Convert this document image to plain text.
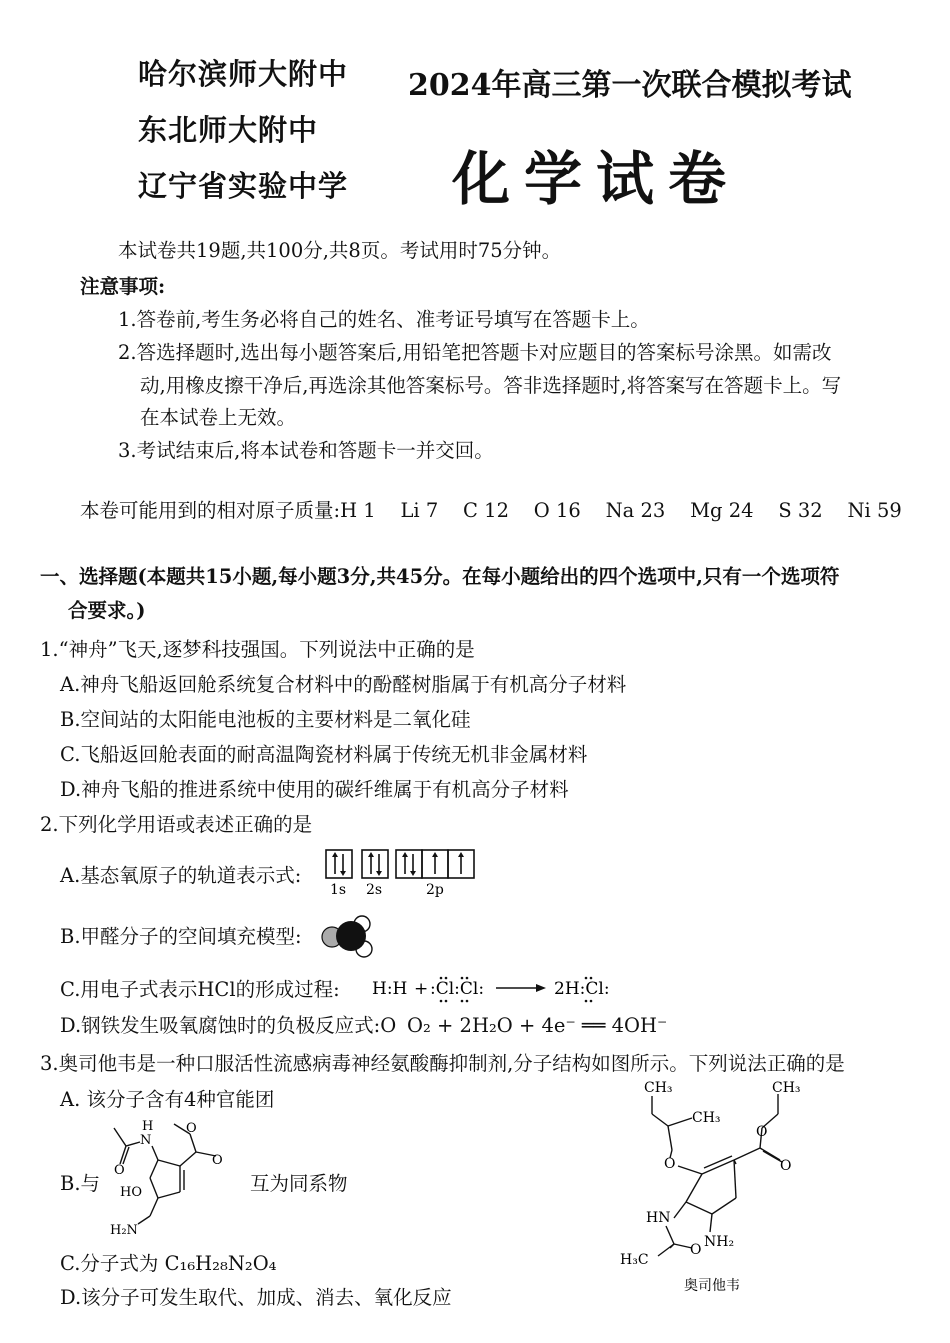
哈尔滨师大附中
东北师大附中
辽宁省实验中学
2024年高三第一次联合模拟考试
化学试卷
本试卷共19题,共100分,共8页。考试用时75分钟。
注意事项:
1.答卷前,考生务必将自己的姓名、准考证号填写在答题卡上。
2.答选择题时,选出每小题答案后,用铅笔把答题卡对应题目的答案标号涂黑。如需改
动,用橡皮擦干净后,再选涂其他答案标号。答非选择题时,将答案写在答题卡上。写
在本试卷上无效。
3.考试结束后,将本试卷和答题卡一并交回。
本卷可能用到的相对原子质量:H 1    Li 7    C 12    O 16    Na 23    Mg 24    S 32    Ni 59
一、选择题(本题共15小题,每小题3分,共45分。在每小题给出的四个选项中,只有一个选项符
合要求。)
1.“神舟”飞天,逐梦科技强国。下列说法中正确的是
A.神舟飞船返回舱系统复合材料中的酚醛树脂属于有机高分子材料
B.空间站的太阳能电池板的主要材料是二氧化硅
C.飞船返回舱表面的耐高温陶瓷材料属于传统无机非金属材料
D.神舟飞船的推进系统中使用的碳纤维属于有机高分子材料
2.下列化学用语或表述正确的是
A.基态氧原子的轨道表示式:
1s 2s	2p
B.甲醛分子的空间填充模型:
C.用电子式表示HCl的形成过程: H:H + :Cl:Cl:	2H:Cl:
D.钢铁发生吸氧腐蚀时的负极反应式:O O₂ + 2H₂O + 4e⁻ ══ 4OH⁻
3.奥司他韦是一种口服活性流感病毒神经氨酸酶抑制剂,分子结构如图所示。下列说法正确的是
A. 该分子含有4种官能团
B.与
N
H
O
O
O
HO
H₂N
互为同系物
C.分子式为 C₁₆H₂₈N₂O₄
D.该分子可发生取代、加成、消去、氧化反应
CH₃
CH₃
CH₃
O
O
O
HN
NH₂
H₃C
O
奥司他韦
